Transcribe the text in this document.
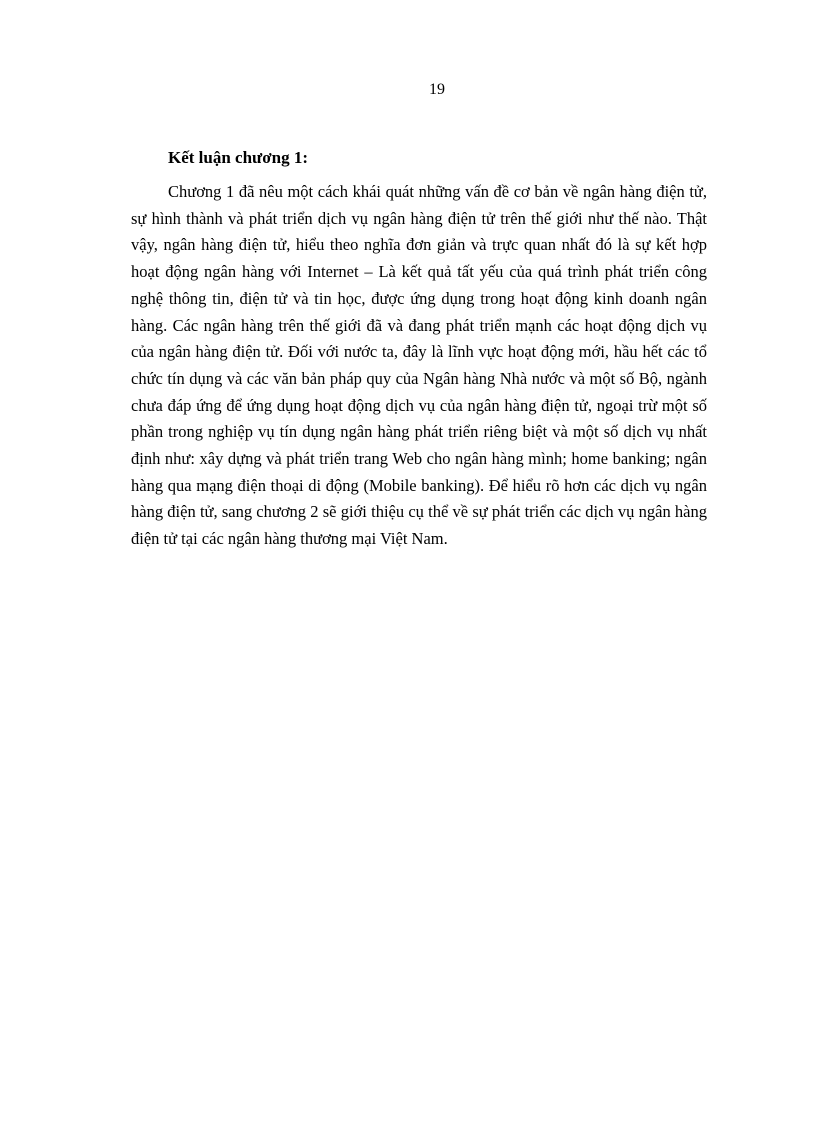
19
Kết luận chương 1:

Chương 1 đã nêu một cách khái quát những vấn đề cơ bản về ngân hàng điện tử, sự hình thành và phát triển dịch vụ ngân hàng điện tử trên thế giới như thế nào. Thật vậy, ngân hàng điện tử, hiểu theo nghĩa đơn giản và trực quan nhất đó là sự kết hợp hoạt động ngân hàng với Internet – Là kết quả tất yếu của quá trình phát triển công nghệ thông tin, điện tử và tin học, được ứng dụng trong hoạt động kinh doanh ngân hàng. Các ngân hàng trên thế giới đã và đang phát triển mạnh các hoạt động dịch vụ của ngân hàng điện tử. Đối với nước ta, đây là lĩnh vực hoạt động mới, hầu hết các tổ chức tín dụng và các văn bản pháp quy của Ngân hàng Nhà nước và một số Bộ, ngành chưa đáp ứng để ứng dụng hoạt động dịch vụ của ngân hàng điện tử, ngoại trừ một số phần trong nghiệp vụ tín dụng ngân hàng phát triển riêng biệt và một số dịch vụ nhất định như: xây dựng và phát triển trang Web cho ngân hàng mình; home banking; ngân hàng qua mạng điện thoại di động (Mobile banking). Để hiểu rõ hơn các dịch vụ ngân hàng điện tử, sang chương 2 sẽ giới thiệu cụ thể về sự phát triển các dịch vụ ngân hàng điện tử tại các ngân hàng thương mại Việt Nam.
